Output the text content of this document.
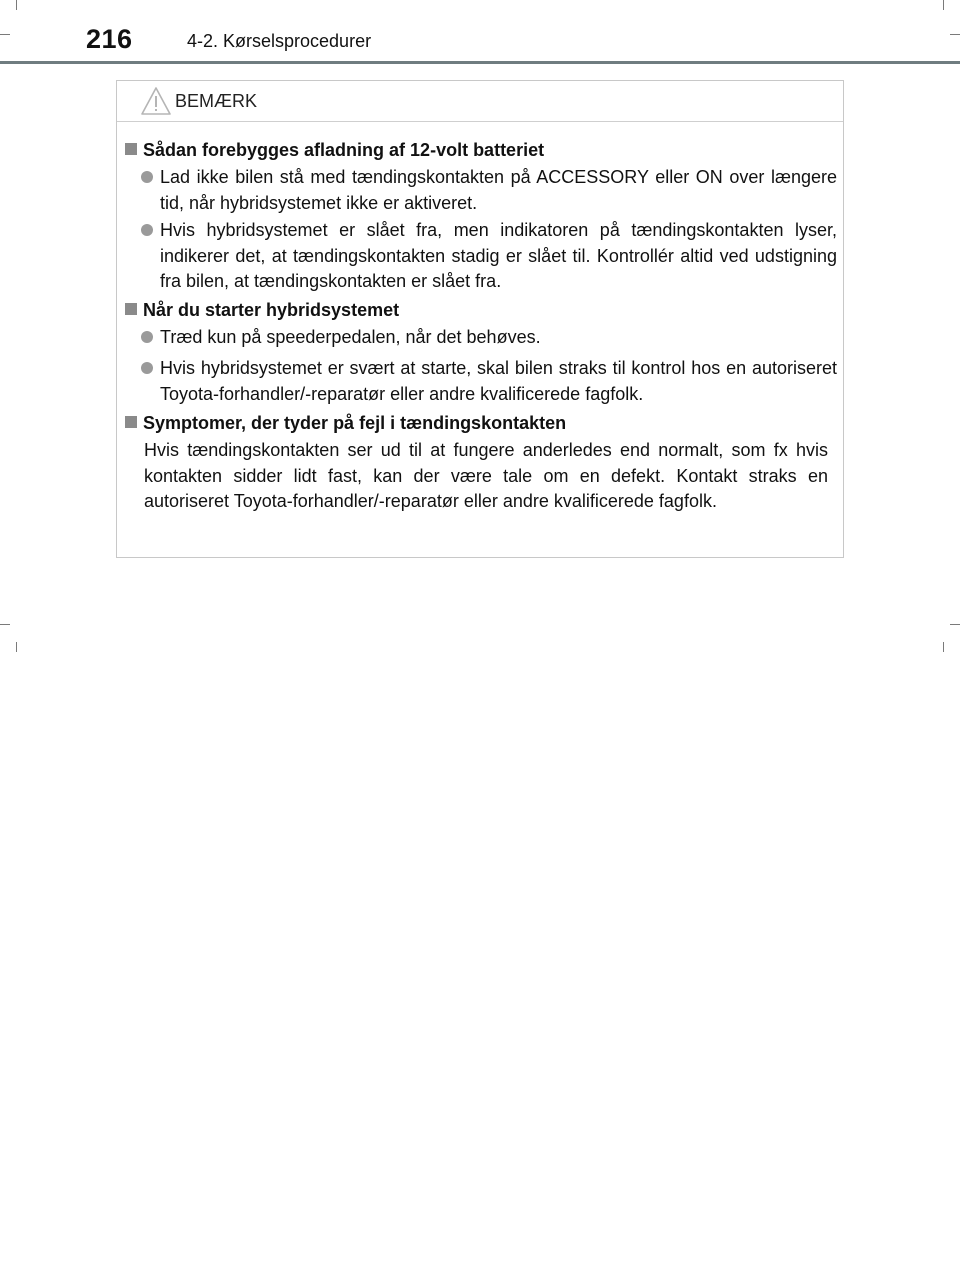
216	4-2. Kørselsprocedurer
BEMÆRK
Sådan forebygges afladning af 12-volt batteriet
Lad ikke bilen stå med tændingskontakten på ACCESSORY eller ON over længere tid, når hybridsystemet ikke er aktiveret.
Hvis hybridsystemet er slået fra, men indikatoren på tændingskontakten lyser, indikerer det, at tændingskontakten stadig er slået til. Kontrollér altid ved udstigning fra bilen, at tændingskontakten er slået fra.
Når du starter hybridsystemet
Træd kun på speederpedalen, når det behøves.
Hvis hybridsystemet er svært at starte, skal bilen straks til kontrol hos en autoriseret Toyota-forhandler/-reparatør eller andre kvalificerede fagfolk.
Symptomer, der tyder på fejl i tændingskontakten
Hvis tændingskontakten ser ud til at fungere anderledes end normalt, som fx hvis kontakten sidder lidt fast, kan der være tale om en defekt. Kontakt straks en autoriseret Toyota-forhandler/-reparatør eller andre kvalificerede fagfolk.
